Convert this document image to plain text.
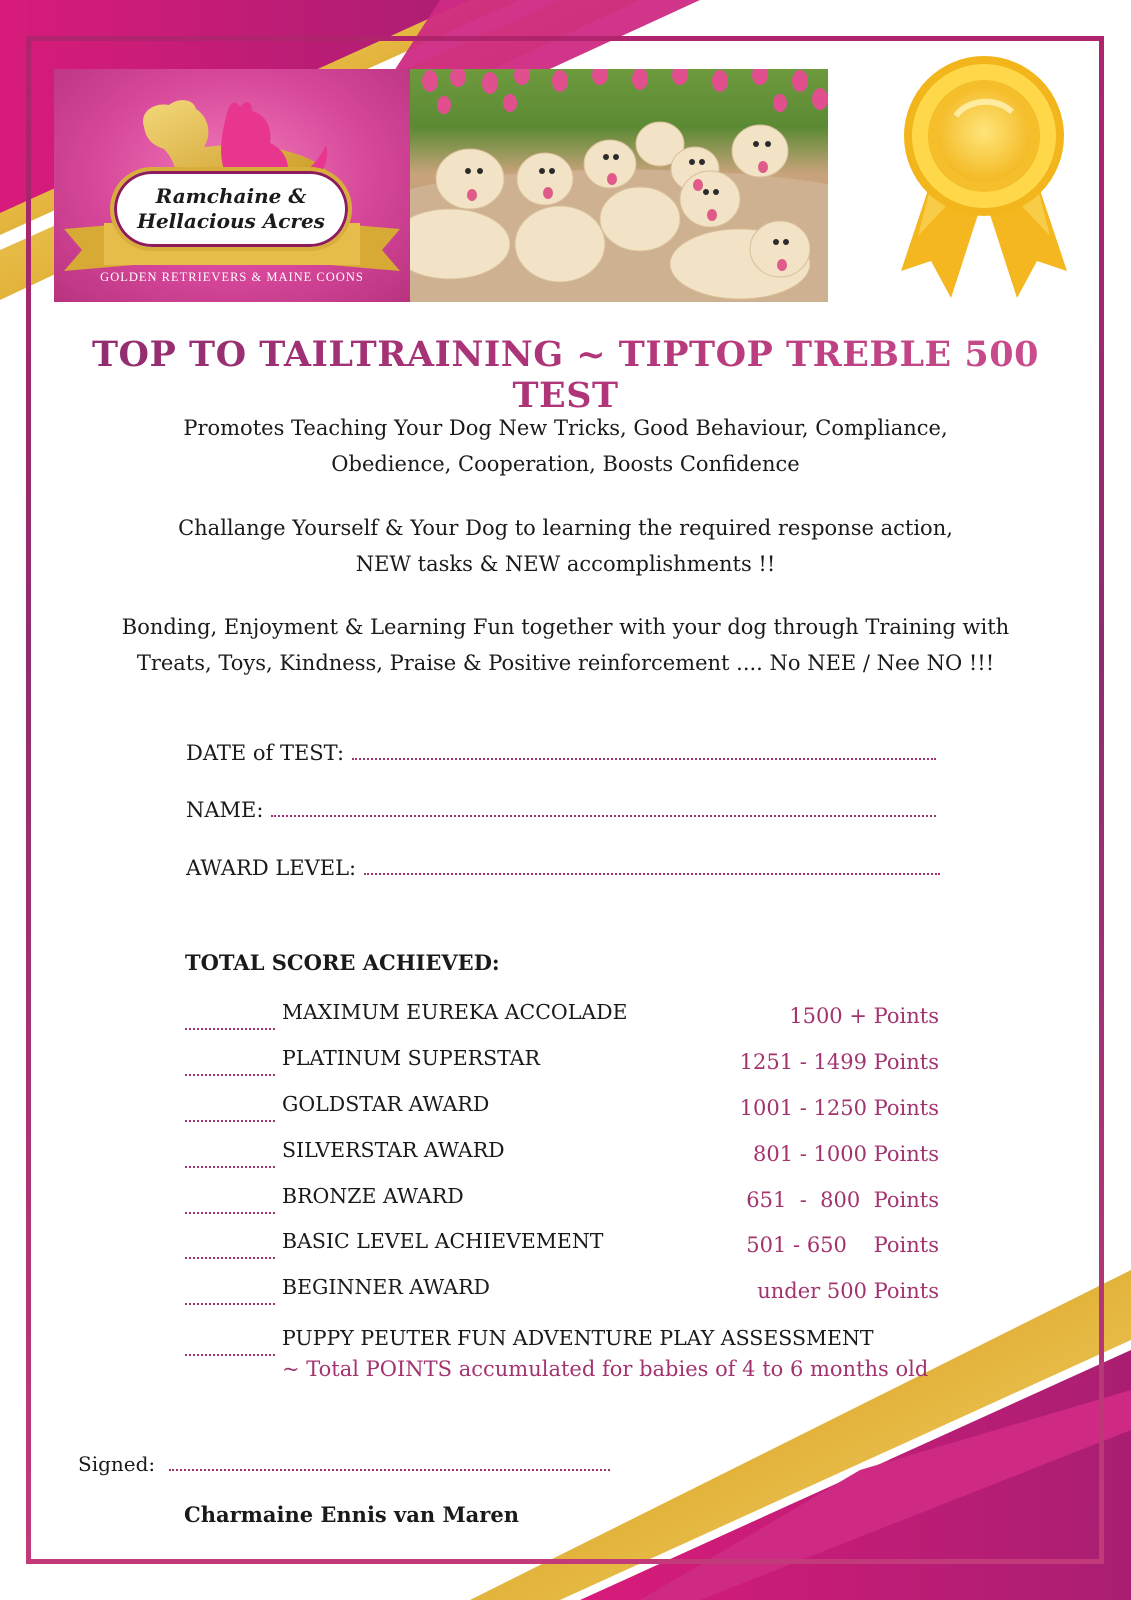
Ramchaine &
Hellacious Acres

GOLDEN RETRIEVERS & MAINE COONS
TOP TO TAILTRAINING ~ TIPTOP TREBLE 500 TEST

Promotes Teaching Your Dog New Tricks, Good Behaviour, Compliance,
Obedience, Cooperation, Boosts Confidence

Challange Yourself & Your Dog to learning the required response action,
NEW tasks & NEW accomplishments !!

Bonding, Enjoyment & Learning Fun together with your dog through Training with
Treats, Toys, Kindness, Praise & Positive reinforcement .... No NEE / Nee NO !!!

DATE of TEST:
NAME:
AWARD LEVEL:
TOTAL SCORE ACHIEVED:
MAXIMUM EUREKA ACCOLADE	1500 + Points
PLATINUM SUPERSTAR	1251 - 1499 Points
GOLDSTAR AWARD	1001 - 1250 Points
SILVERSTAR AWARD	801 - 1000 Points
BRONZE AWARD	651  -  800  Points
BASIC LEVEL ACHIEVEMENT	501 - 650    Points
BEGINNER AWARD	under 500 Points
PUPPY PEUTER FUN ADVENTURE PLAY ASSESSMENT

~ Total POINTS accumulated for babies of 4 to 6 months old

Signed:

Charmaine Ennis van Maren
